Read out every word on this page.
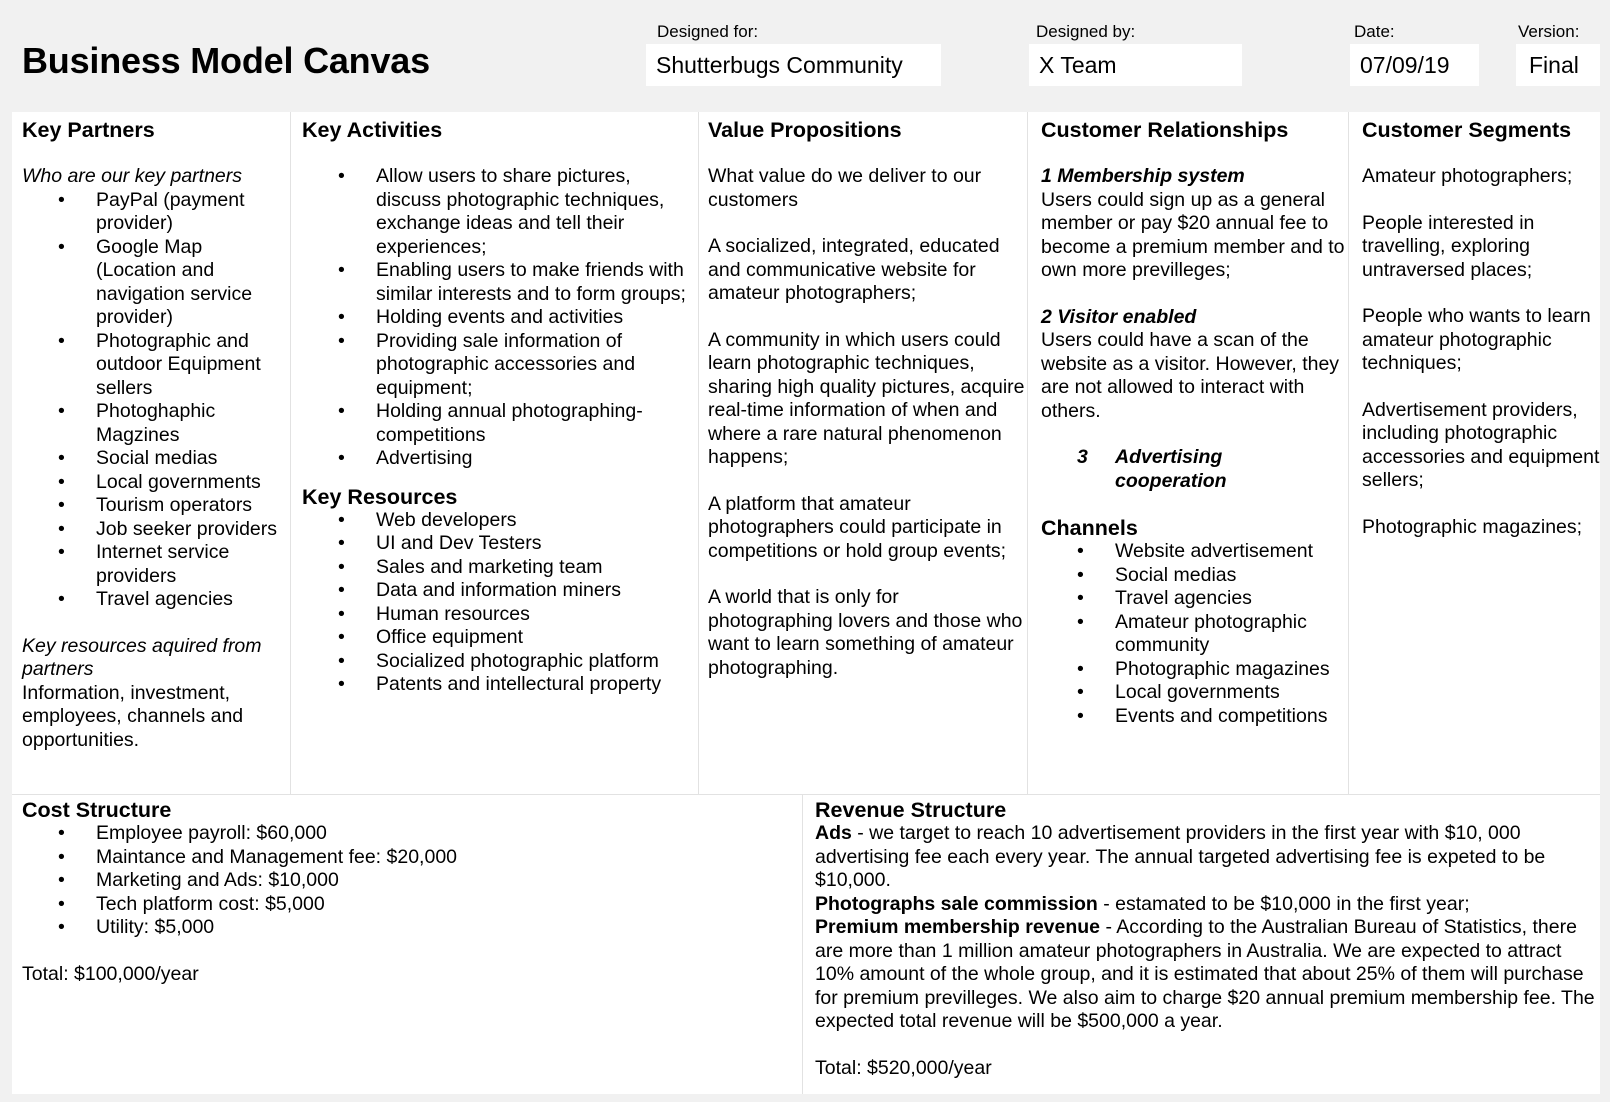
Business Model Canvas
Designed for:
Shutterbugs Community
Designed by:
X Team
Date:
07/09/19
Version:
Final
Key Partners
Who are our key partners
• PayPal (payment provider)
• Google Map (Location and navigation service provider)
• Photographic and outdoor Equipment sellers
• Photoghaphic Magzines
• Social medias
• Local governments
• Tourism operators
• Job seeker providers
• Internet service providers
• Travel agencies
Key resources aquired from partners
Information, investment, employees, channels and opportunities.
Key Activities
• Allow users to share pictures, discuss photographic techniques, exchange ideas and tell their experiences;
• Enabling users to make friends with similar interests and to form groups;
• Holding events and activities
• Providing sale information of photographic accessories and equipment;
• Holding annual photographing-competitions
• Advertising
Key Resources
• Web developers
• UI and Dev Testers
• Sales and marketing team
• Data and information miners
• Human resources
• Office equipment
• Socialized photographic platform
• Patents and intellectural property
Value Propositions

What value do we deliver to our customers

A socialized, integrated, educated and communicative website for amateur photographers;

A community in which users could learn photographic techniques, sharing high quality pictures, acquire real-time information of when and where a rare natural phenomenon happens;

A platform that amateur photographers could participate in competitions or hold group events;

A world that is only for photographing lovers and those who want to learn something of amateur photographing.

Customer Relationships
1 Membership system
Users could sign up as a general member or pay $20 annual fee to become a premium member and to own more previlleges;
2 Visitor enabled
Users could have a scan of the website as a visitor. However, they are not allowed to interact with others.
3 Advertising cooperation
Channels
• Website advertisement
• Social medias
• Travel agencies
• Amateur photographic community
• Photographic magazines
• Local governments
• Events and competitions
Customer Segments

Amateur photographers;

People interested in travelling, exploring untraversed places;

People who wants to learn amateur photographic techniques;

Advertisement providers, including photographic accessories and equipment sellers;

Photographic magazines;

Cost Structure
• Employee payroll: $60,000
• Maintance and Management fee: $20,000
• Marketing and Ads: $10,000
• Tech platform cost: $5,000
• Utility: $5,000
Total: $100,000/year
Revenue Structure

Ads - we target to reach 10 advertisement providers in the first year with $10, 000 advertising fee each every year. The annual targeted advertising fee is expeted to be $10,000.

Photographs sale commission - estamated to be $10,000 in the first year;

Premium membership revenue - According to the Australian Bureau of Statistics, there are more than 1 million amateur photographers in Australia. We are expected to attract 10% amount of the whole group, and it is estimated that about 25% of them will purchase for premium previlleges. We also aim to charge $20 annual premium membership fee. The expected total revenue will be $500,000 a year.

Total: $520,000/year
